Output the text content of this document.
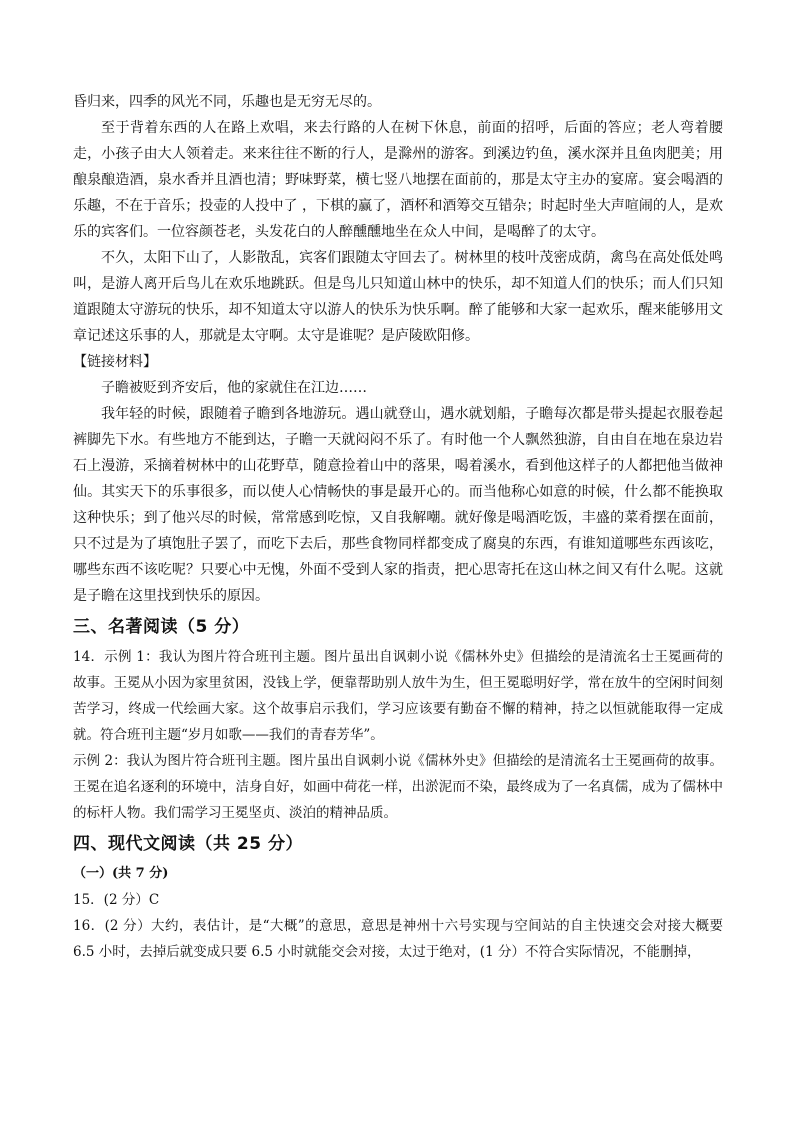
昏归来，四季的风光不同，乐趣也是无穷无尽的。

至于背着东西的人在路上欢唱，来去行路的人在树下休息，前面的招呼，后面的答应；老人弯着腰走，小孩子由大人领着走。来来往往不断的行人，是滁州的游客。到溪边钓鱼，溪水深并且鱼肉肥美；用酿泉酿造酒，泉水香并且酒也清；野味野菜，横七竖八地摆在面前的，那是太守主办的宴席。宴会喝酒的乐趣，不在于音乐；投壶的人投中了 ，下棋的赢了，酒杯和酒筹交互错杂；时起时坐大声喧闹的人，是欢乐的宾客们。一位容颜苍老，头发花白的人醉醺醺地坐在众人中间，是喝醉了的太守。

不久，太阳下山了，人影散乱，宾客们跟随太守回去了。树林里的枝叶茂密成荫，禽鸟在高处低处鸣叫，是游人离开后鸟儿在欢乐地跳跃。但是鸟儿只知道山林中的快乐，却不知道人们的快乐；而人们只知道跟随太守游玩的快乐，却不知道太守以游人的快乐为快乐啊。醉了能够和大家一起欢乐，醒来能够用文章记述这乐事的人，那就是太守啊。太守是谁呢？是庐陵欧阳修。

【链接材料】

子瞻被贬到齐安后，他的家就住在江边……

我年轻的时候，跟随着子瞻到各地游玩。遇山就登山，遇水就划船，子瞻每次都是带头提起衣服卷起裤脚先下水。有些地方不能到达，子瞻一天就闷闷不乐了。有时他一个人飘然独游，自由自在地在泉边岩石上漫游，采摘着树林中的山花野草，随意捡着山中的落果，喝着溪水，看到他这样子的人都把他当做神仙。其实天下的乐事很多，而以使人心情畅快的事是最开心的。而当他称心如意的时候，什么都不能换取这种快乐；到了他兴尽的时候，常常感到吃惊，又自我解嘲。就好像是喝酒吃饭，丰盛的菜肴摆在面前，只不过是为了填饱肚子罢了，而吃下去后，那些食物同样都变成了腐臭的东西，有谁知道哪些东西该吃，哪些东西不该吃呢？只要心中无愧，外面不受到人家的指责，把心思寄托在这山林之间又有什么呢。这就是子瞻在这里找到快乐的原因。

三、名著阅读（5 分）

14．示例 1：我认为图片符合班刊主题。图片虽出自讽刺小说《儒林外史》但描绘的是清流名士王冕画荷的故事。王冕从小因为家里贫困，没钱上学，便靠帮助别人放牛为生，但王冕聪明好学，常在放牛的空闲时间刻苦学习，终成一代绘画大家。这个故事启示我们，学习应该要有勤奋不懈的精神，持之以恒就能取得一定成就。符合班刊主题“岁月如歌——我们的青春芳华”。

示例 2：我认为图片符合班刊主题。图片虽出自讽刺小说《儒林外史》但描绘的是清流名士王冕画荷的故事。王冕在追名逐利的环境中，洁身自好，如画中荷花一样，出淤泥而不染，最终成为了一名真儒，成为了儒林中的标杆人物。我们需学习王冕坚贞、淡泊的精神品质。

四、现代文阅读（共 25 分）

（一）(共 7 分)

15．(2 分）C

16．(2 分）大约，表估计，是“大概”的意思，意思是神州十六号实现与空间站的自主快速交会对接大概要 6.5 小时，去掉后就变成只要 6.5 小时就能交会对接，太过于绝对，(1 分）不符合实际情况，不能删掉，
